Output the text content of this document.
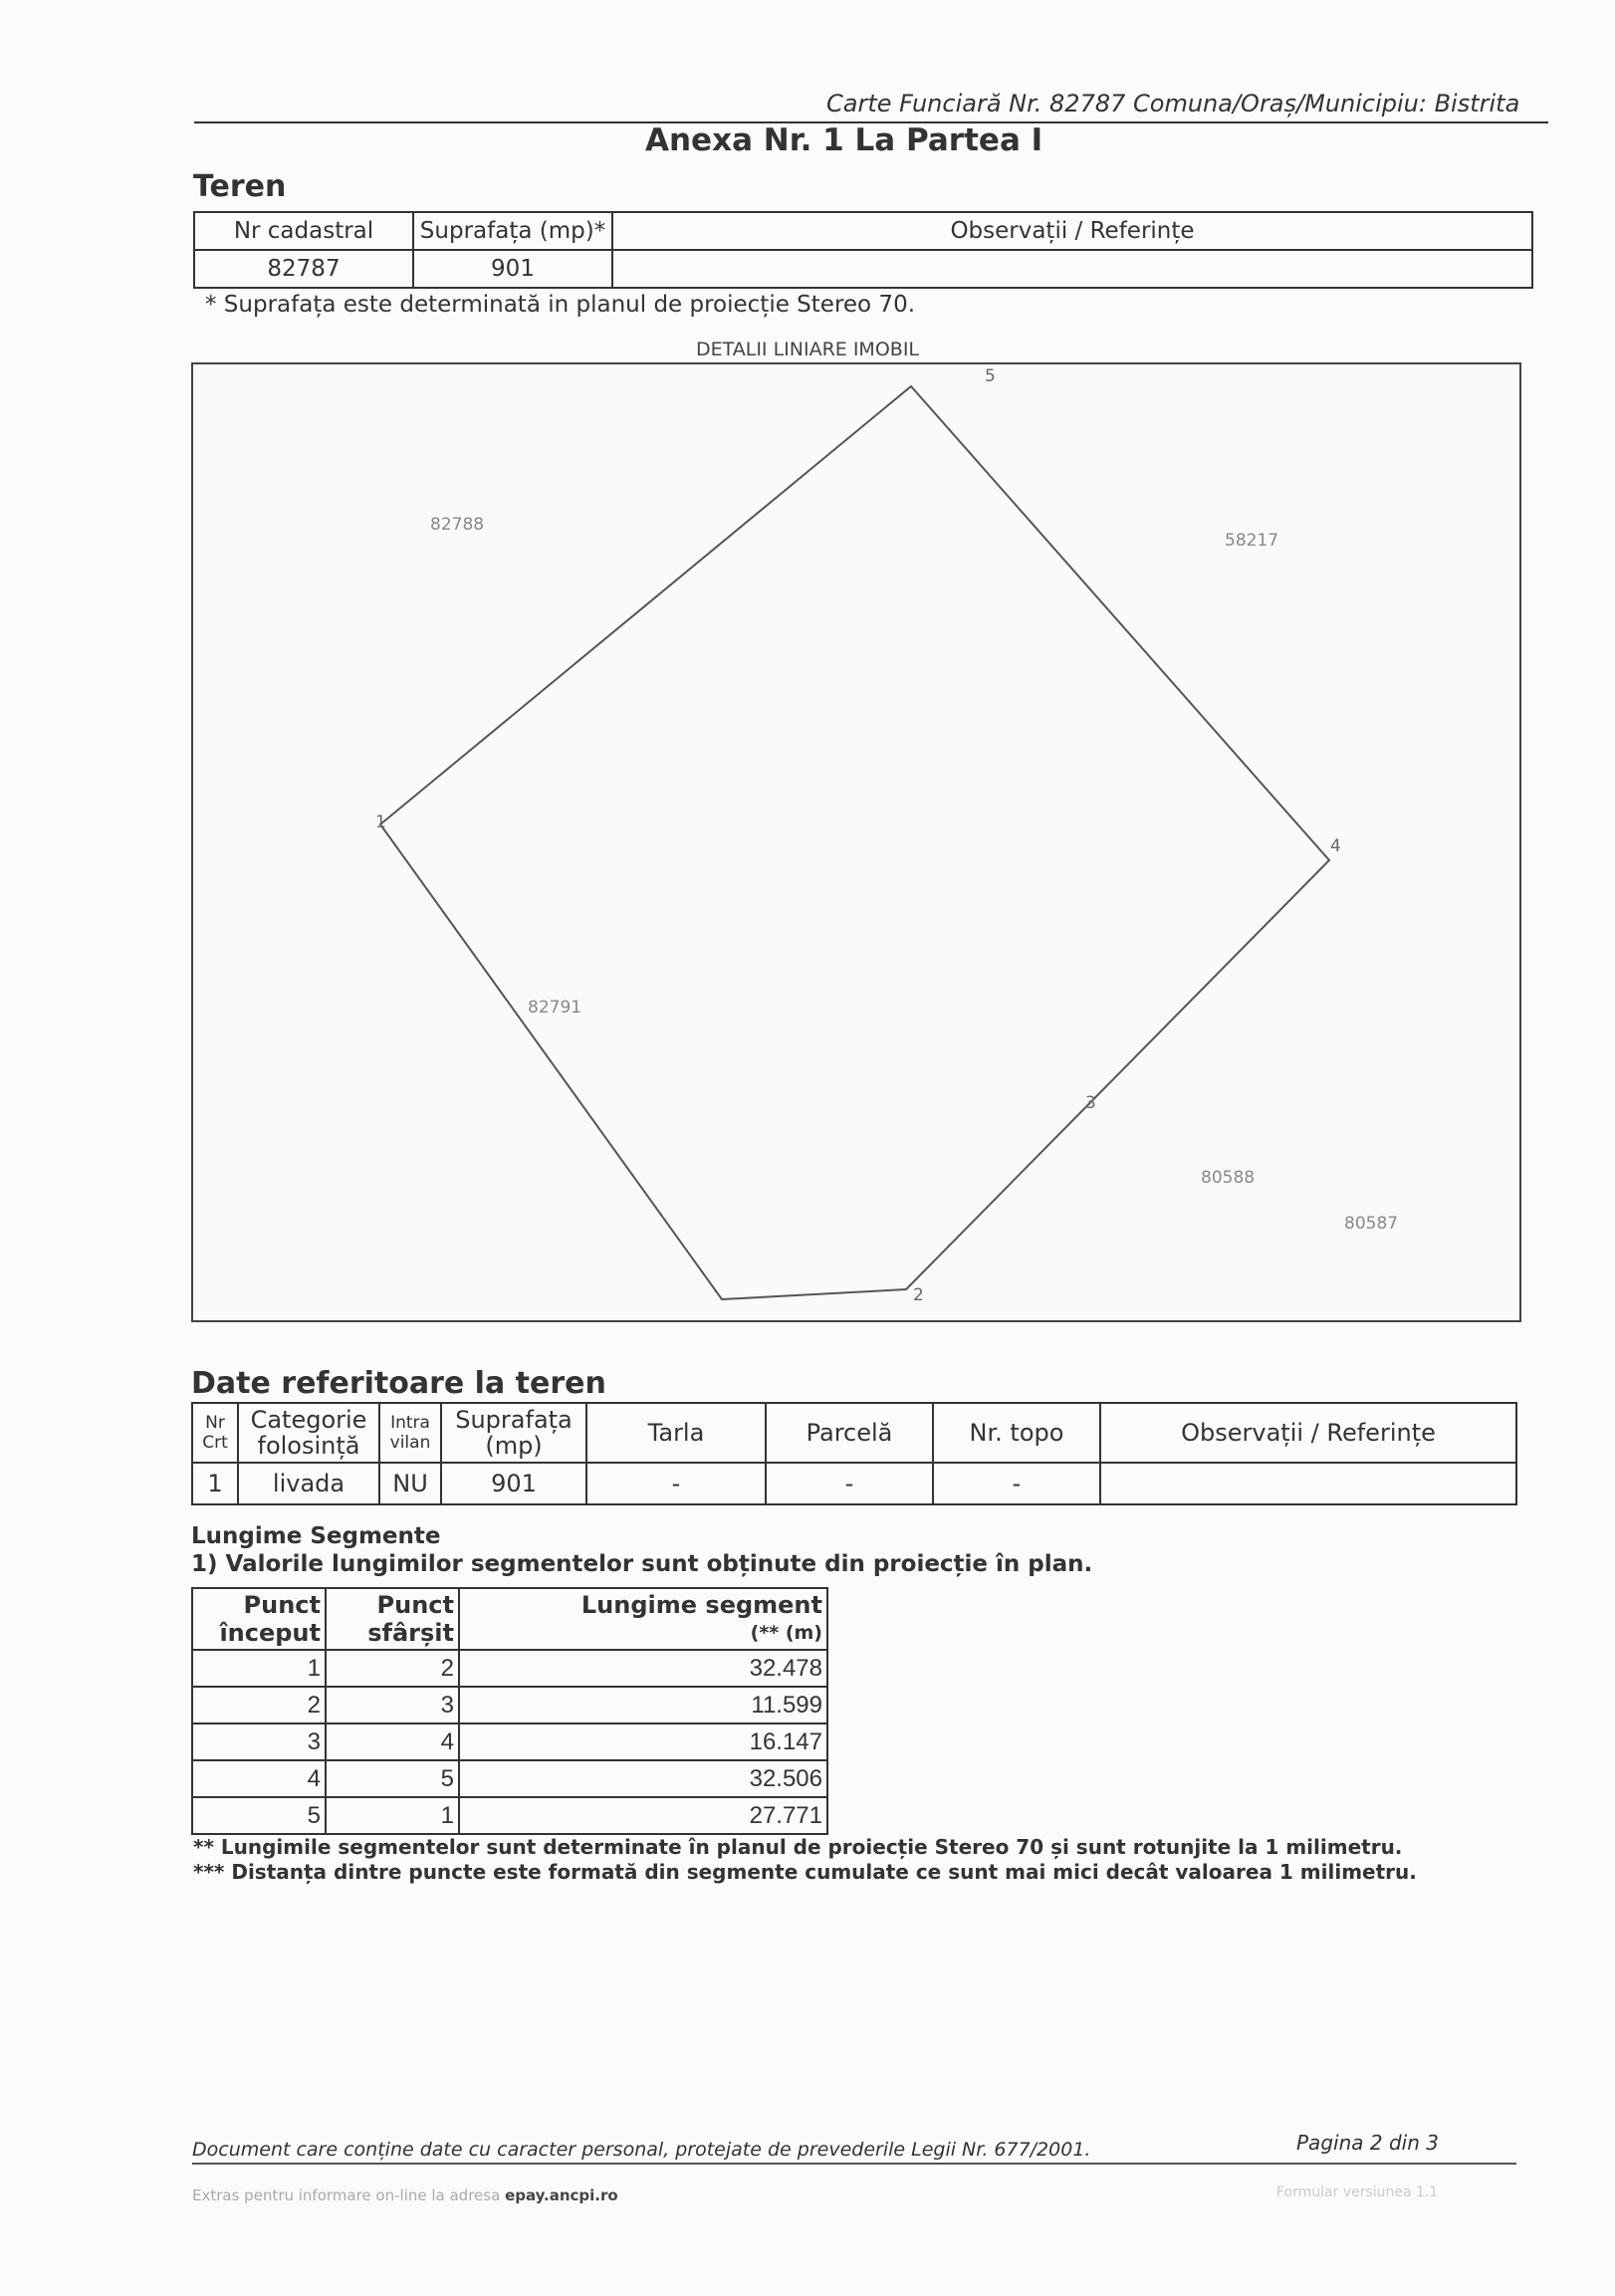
Carte Funciară Nr. 82787 Comuna/Oraș/Municipiu: Bistrita
Anexa Nr. 1 La Partea I
Teren
Nr cadastral	Suprafața (mp)*	Observații / Referințe
82787	901	
* Suprafața este determinată in planul de proiecție Stereo 70.
DETALII LINIARE IMOBIL
1
2
3
4
5
82788
58217
82791
80588
80587
Date referitoare la teren
Nr Crt	Categorie folosință	Intra vilan	Suprafața (mp)	Tarla	Parcelă	Nr. topo	Observații / Referințe
1	livada	NU	901	-	-	-	
Lungime Segmente
1) Valorile lungimilor segmentelor sunt obținute din proiecție în plan.
Punct început	Punct sfârșit	Lungime segment
(** (m)

1	2	32.478
2	3	11.599
3	4	16.147
4	5	32.506
5	1	27.771
** Lungimile segmentelor sunt determinate în planul de proiecție Stereo 70 și sunt rotunjite la 1 milimetru.
*** Distanța dintre puncte este formată din segmente cumulate ce sunt mai mici decât valoarea 1 milimetru.
Document care conține date cu caracter personal, protejate de prevederile Legii Nr. 677/2001.	Pagina 2 din 3
Extras pentru informare on-line la adresa epay.ancpi.ro	Formular versiunea 1.1
